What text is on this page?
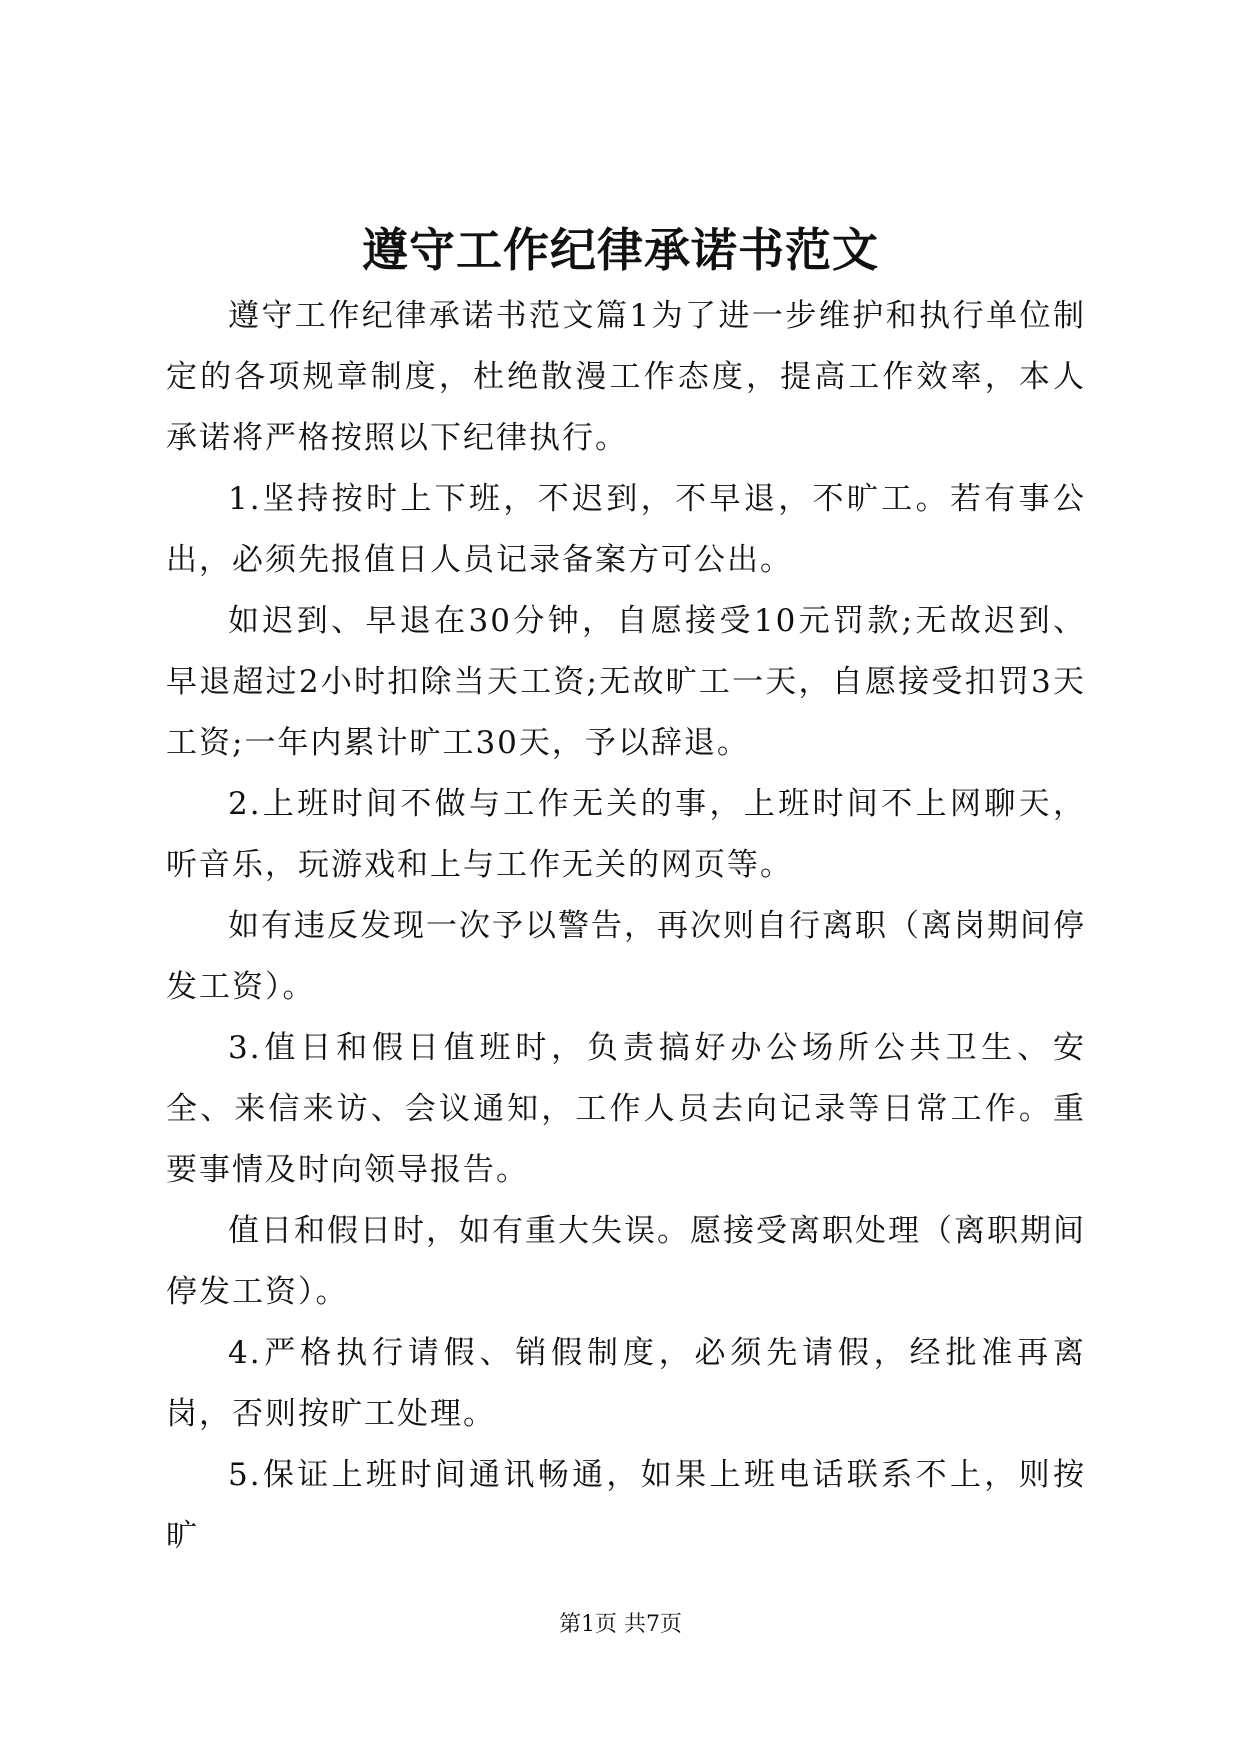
遵守工作纪律承诺书范文

遵守工作纪律承诺书范文篇1为了进一步维护和执行单位制定的各项规章制度，杜绝散漫工作态度，提高工作效率，本人承诺将严格按照以下纪律执行。

1.坚持按时上下班，不迟到，不早退，不旷工。若有事公出，必须先报值日人员记录备案方可公出。

如迟到、早退在30分钟，自愿接受10元罚款;无故迟到、早退超过2小时扣除当天工资;无故旷工一天，自愿接受扣罚3天工资;一年内累计旷工30天，予以辞退。

2.上班时间不做与工作无关的事，上班时间不上网聊天，听音乐，玩游戏和上与工作无关的网页等。

如有违反发现一次予以警告，再次则自行离职（离岗期间停发工资）。

3.值日和假日值班时，负责搞好办公场所公共卫生、安全、来信来访、会议通知，工作人员去向记录等日常工作。重要事情及时向领导报告。

值日和假日时，如有重大失误。愿接受离职处理（离职期间停发工资）。

4.严格执行请假、销假制度，必须先请假，经批准再离岗，否则按旷工处理。

5.保证上班时间通讯畅通，如果上班电话联系不上，则按旷

第1页 共7页
